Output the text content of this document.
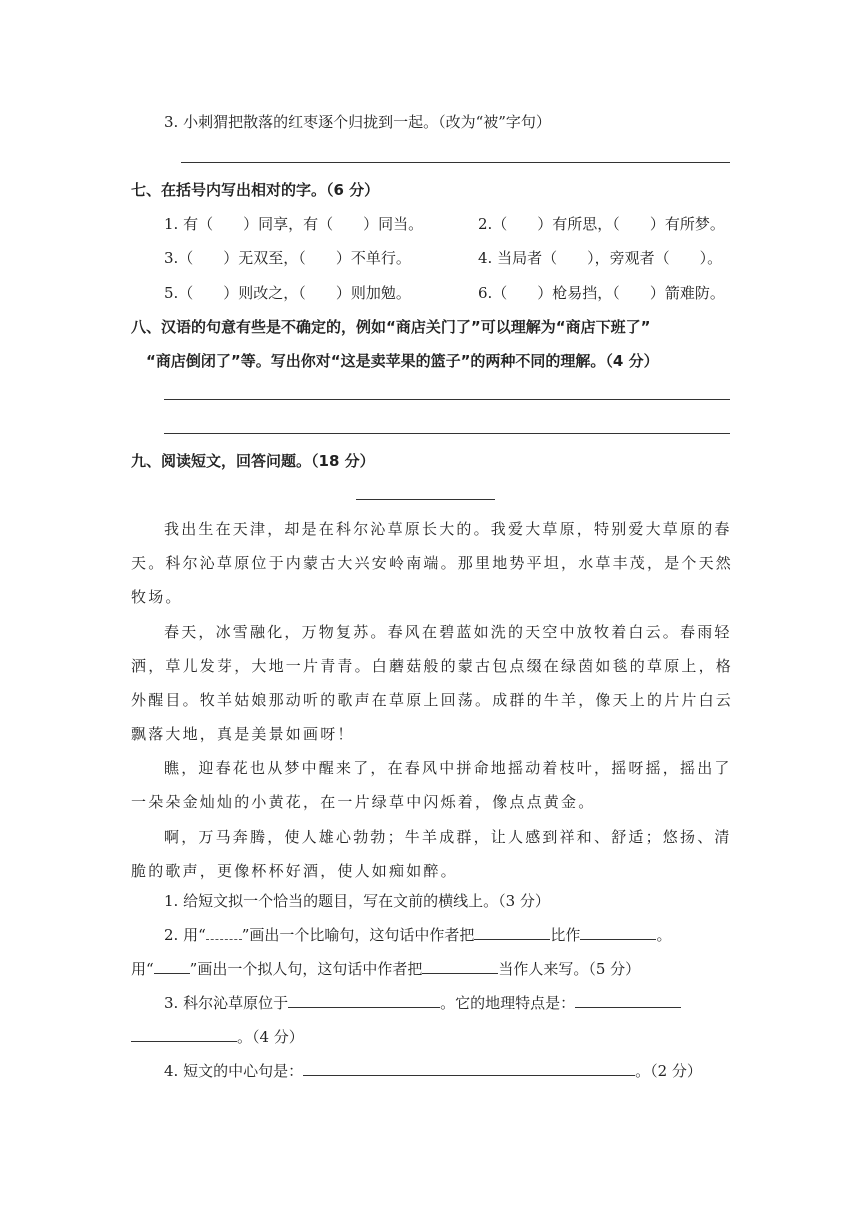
3. 小刺猬把散落的红枣逐个归拢到一起。（改为“被”字句）
七、在括号内写出相对的字。（6 分）
1. 有（　　）同享，有（　　）同当。	2.（　　）有所思，（　　）有所梦。
3.（　　）无双至，（　　）不单行。	4. 当局者（　　），旁观者（　　）。
5.（　　）则改之，（　　）则加勉。	6.（　　）枪易挡，（　　）箭难防。
八、汉语的句意有些是不确定的，例如“商店关门了”可以理解为“商店下班了”
“商店倒闭了”等。写出你对“这是卖苹果的篮子”的两种不同的理解。（4 分）
九、阅读短文，回答问题。（18 分）
我出生在天津，却是在科尔沁草原长大的。我爱大草原，特别爱大草原的春
天。科尔沁草原位于内蒙古大兴安岭南端。那里地势平坦，水草丰茂，是个天然
牧场。
春天，冰雪融化，万物复苏。春风在碧蓝如洗的天空中放牧着白云。春雨轻
洒，草儿发芽，大地一片青青。白蘑菇般的蒙古包点缀在绿茵如毯的草原上，格
外醒目。牧羊姑娘那动听的歌声在草原上回荡。成群的牛羊，像天上的片片白云
飘落大地，真是美景如画呀！
瞧，迎春花也从梦中醒来了，在春风中拼命地摇动着枝叶，摇呀摇，摇出了
一朵朵金灿灿的小黄花，在一片绿草中闪烁着，像点点黄金。
啊，万马奔腾，使人雄心勃勃；牛羊成群，让人感到祥和、舒适；悠扬、清
脆的歌声，更像杯杯好酒，使人如痴如醉。
1. 给短文拟一个恰当的题目，写在文前的横线上。（3 分）
2. 用“ ”画出一个比喻句，这句话中作者把	比作	。
用“ ”画出一个拟人句，这句话中作者把	当作人来写。（5 分）
3. 科尔沁草原位于	。它的地理特点是：
。（4 分）
4. 短文的中心句是：	。（2 分）
